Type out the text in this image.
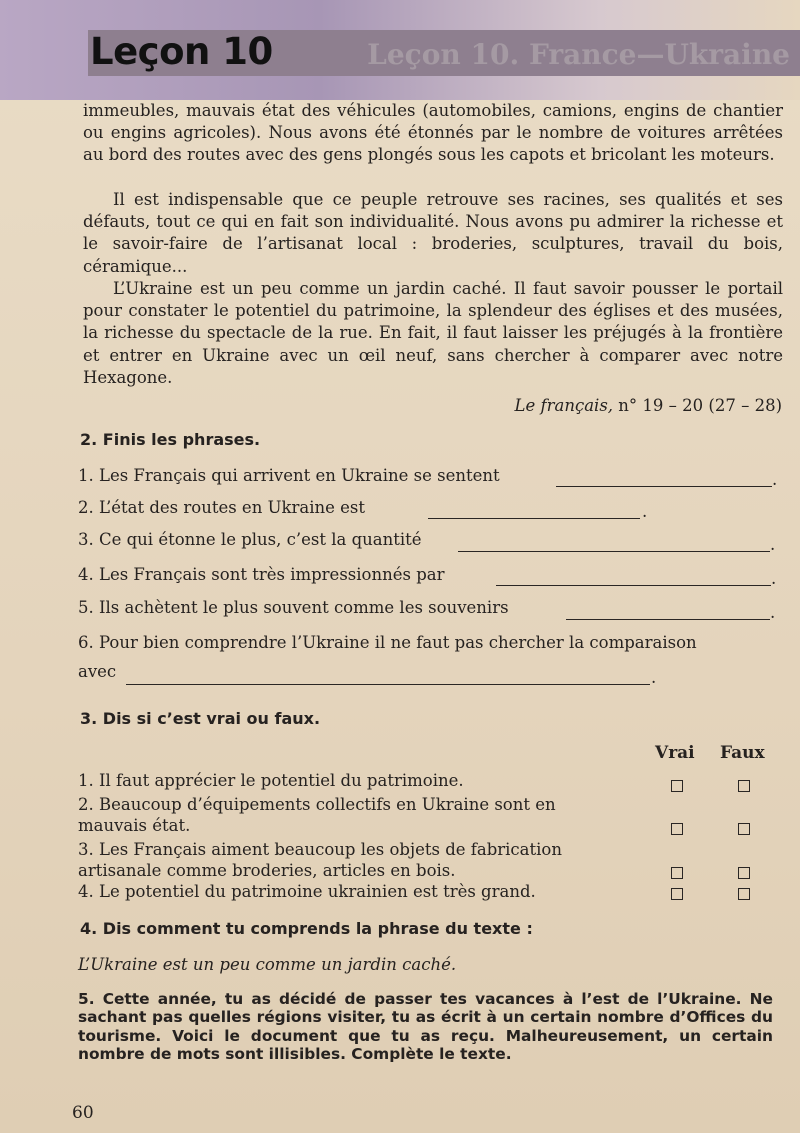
Leçon 10	Leçon 10. France—Ukraine

immeubles, mauvais état des véhicules (automobiles, camions, engins de chantier ou engins agricoles). Nous avons été étonnés par le nombre de voitures arrêtées au bord des routes avec des gens plongés sous les capots et bricolant les moteurs.

Il est indispensable que ce peuple retrouve ses racines, ses qualités et ses défauts, tout ce qui en fait son individualité. Nous avons pu admirer la richesse et le savoir-faire de l’artisanat local : broderies, sculptures, travail du bois, céramique...

L’Ukraine est un peu comme un jardin caché. Il faut savoir pousser le portail pour constater le potentiel du patrimoine, la splendeur des églises et des musées, la richesse du spectacle de la rue. En fait, il faut laisser les préjugés à la frontière et entrer en Ukraine avec un œil neuf, sans chercher à comparer avec notre Hexagone.

Le français, n° 19 – 20 (27 – 28)
2. Finis les phrases.
1. Les Français qui arrivent en Ukraine se sentent	.
2. L’état des routes en Ukraine est	.
3. Ce qui étonne le plus, c’est la quantité	.
4. Les Français sont très impressionnés par	.
5. Ils achètent le plus souvent comme les souvenirs	.
6. Pour bien comprendre l’Ukraine il ne faut pas chercher la comparaison
avec	.
3. Dis si c’est vrai ou faux.
Vrai Faux
1. Il faut apprécier le potentiel du patrimoine.
2. Beaucoup d’équipements collectifs en Ukraine sont en mauvais état.
3. Les Français aiment beaucoup les objets de fabrication artisanale comme broderies, articles en bois.
4. Le potentiel du patrimoine ukrainien est très grand.
4. Dis comment tu comprends la phrase du texte :
L’Ukraine est un peu comme un jardin caché.
5. Cette année, tu as décidé de passer tes vacances à l’est de l’Ukraine. Ne sachant pas quelles régions visiter, tu as écrit à un certain nombre d’Offices du tourisme. Voici le document que tu as reçu. Malheureusement, un certain nombre de mots sont illisibles. Complète le texte.
60
